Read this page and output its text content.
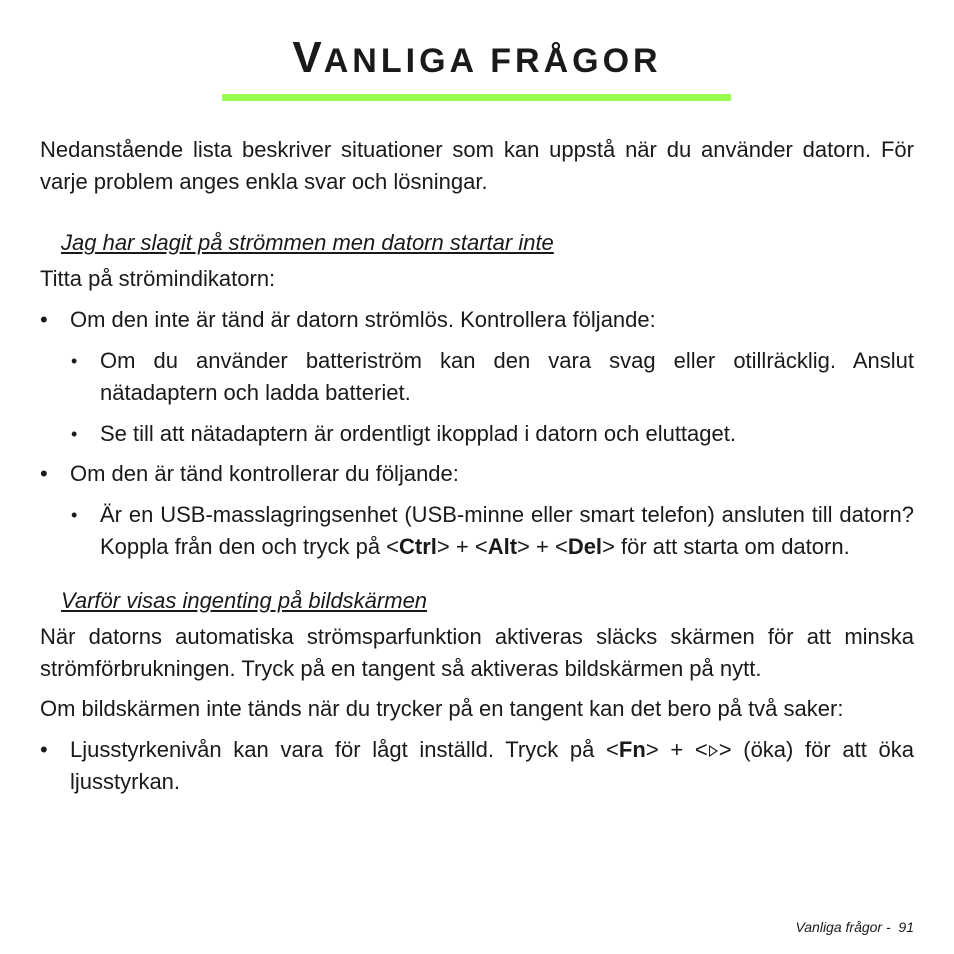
VANLIGA FRÅGOR

Nedanstående lista beskriver situationer som kan uppstå när du använder datorn. För varje problem anges enkla svar och lösningar.

Jag har slagit på strömmen men datorn startar inte

Titta på strömindikatorn:

• Om den inte är tänd är datorn strömlös. Kontrollera följande:
• Om du använder batteriström kan den vara svag eller otillräcklig. Anslut nätadaptern och ladda batteriet.
• Se till att nätadaptern är ordentligt ikopplad i datorn och eluttaget.
• Om den är tänd kontrollerar du följande:
• Är en USB-masslagringsenhet (USB-minne eller smart telefon) ansluten till datorn? Koppla från den och tryck på <Ctrl> + <Alt> + <Del> för att starta om datorn.

Varför visas ingenting på bildskärmen

När datorns automatiska strömsparfunktion aktiveras släcks skärmen för att minska strömförbrukningen. Tryck på en tangent så aktiveras bildskärmen på nytt.

Om bildskärmen inte tänds när du trycker på en tangent kan det bero på två saker:

• Ljusstyrkenivån kan vara för lågt inställd. Tryck på <Fn> + < > (öka) för att öka ljusstyrkan.
Vanliga frågor - 91
